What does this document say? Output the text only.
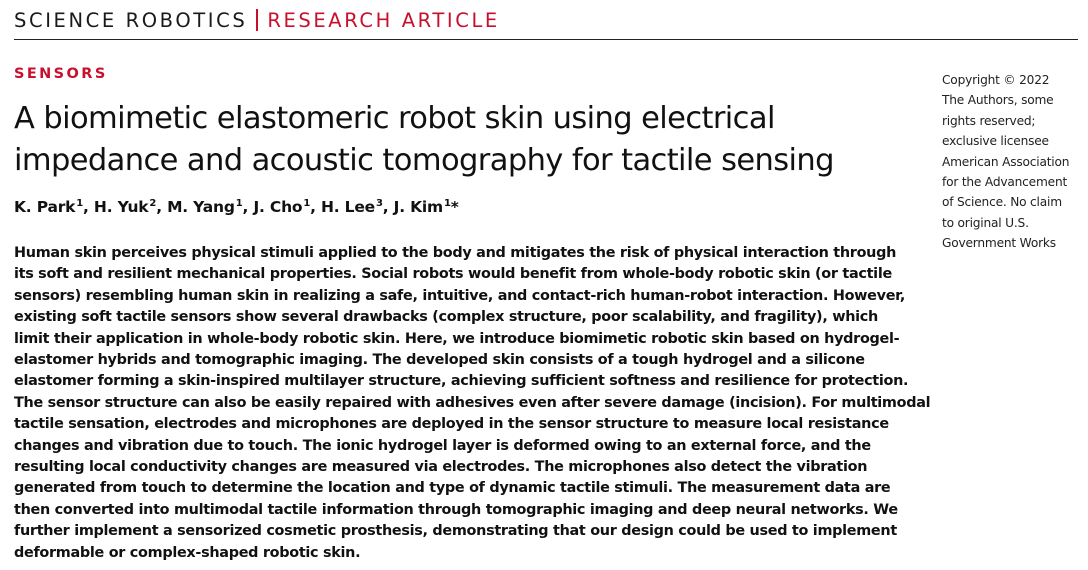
SCIENCE ROBOTICS RESEARCH ARTICLE
SENSORS
A biomimetic elastomeric robot skin using electrical
impedance and acoustic tomography for tactile sensing
K. Park$^1$, H. Yuk$^2$, M. Yang$^1$, J. Cho$^1$, H. Lee$^3$, J. Kim$^1$*
Human skin perceives physical stimuli applied to the body and mitigates the risk of physical interaction through
its soft and resilient mechanical properties. Social robots would benefit from whole-body robotic skin (or tactile
sensors) resembling human skin in realizing a safe, intuitive, and contact-rich human-robot interaction. However,
existing soft tactile sensors show several drawbacks (complex structure, poor scalability, and fragility), which
limit their application in whole-body robotic skin. Here, we introduce biomimetic robotic skin based on hydrogel-
elastomer hybrids and tomographic imaging. The developed skin consists of a tough hydrogel and a silicone
elastomer forming a skin-inspired multilayer structure, achieving sufficient softness and resilience for protection.
The sensor structure can also be easily repaired with adhesives even after severe damage (incision). For multimodal
tactile sensation, electrodes and microphones are deployed in the sensor structure to measure local resistance
changes and vibration due to touch. The ionic hydrogel layer is deformed owing to an external force, and the
resulting local conductivity changes are measured via electrodes. The microphones also detect the vibration
generated from touch to determine the location and type of dynamic tactile stimuli. The measurement data are
then converted into multimodal tactile information through tomographic imaging and deep neural networks. We
further implement a sensorized cosmetic prosthesis, demonstrating that our design could be used to implement
deformable or complex-shaped robotic skin.
Copyright © 2022
The Authors, some
rights reserved;
exclusive licensee
American Association
for the Advancement
of Science. No claim
to original U.S.
Government Works
